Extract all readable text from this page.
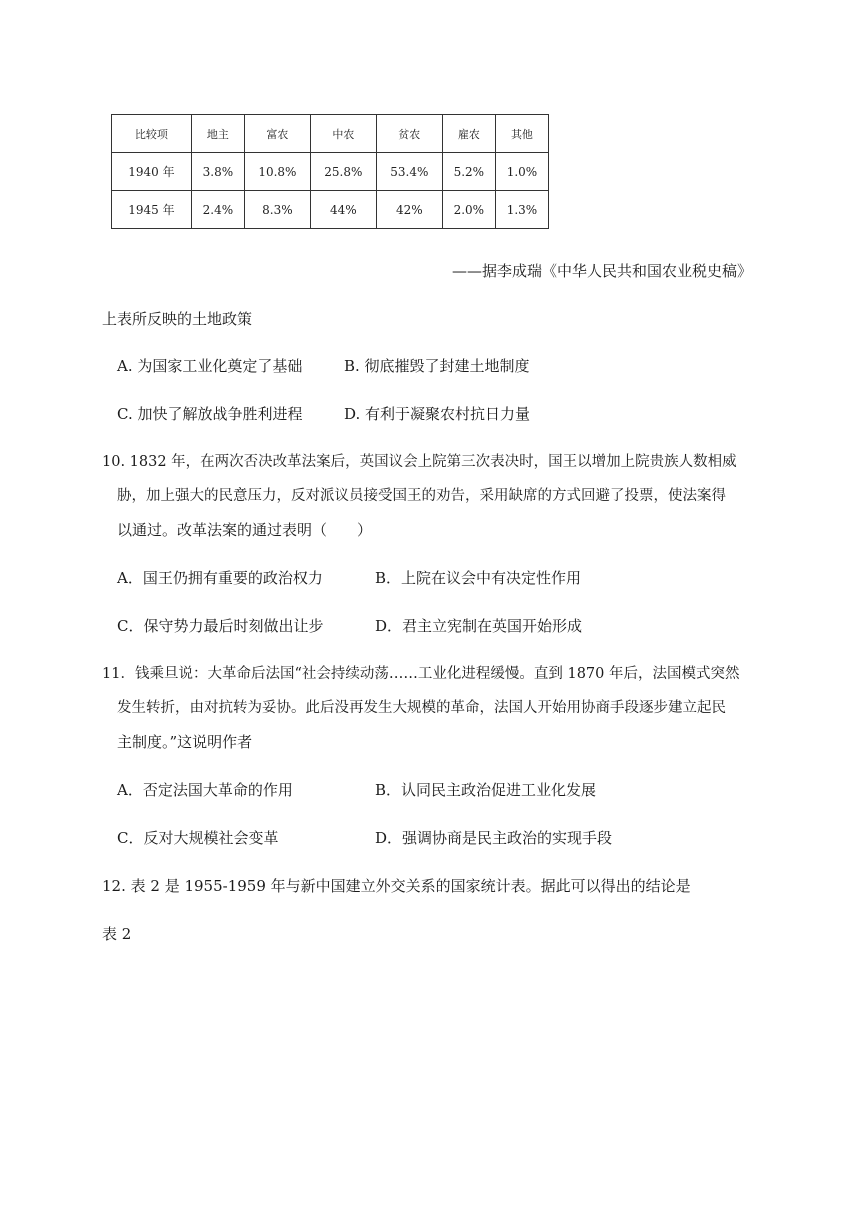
比较项	地主	富农	中农	贫农	雇农	其他
1940 年	3.8%	10.8%	25.8%	53.4%	5.2%	1.0%
1945 年	2.4%	8.3%	44%	42%	2.0%	1.3%
——据李成瑞《中华人民共和国农业税史稿》
上表所反映的土地政策
A. 为国家工业化奠定了基础	B. 彻底摧毁了封建土地制度
C. 加快了解放战争胜利进程	D. 有利于凝聚农村抗日力量
10. 1832 年，在两次否决改革法案后，英国议会上院第三次表决时，国王以增加上院贵族人数相威
胁，加上强大的民意压力，反对派议员接受国王的劝告，采用缺席的方式回避了投票，使法案得
以通过。改革法案的通过表明（　　）
A．国王仍拥有重要的政治权力	B．上院在议会中有决定性作用
C．保守势力最后时刻做出让步	D．君主立宪制在英国开始形成
11．钱乘旦说：大革命后法国“社会持续动荡……工业化进程缓慢。直到 1870 年后，法国模式突然
发生转折，由对抗转为妥协。此后没再发生大规模的革命，法国人开始用协商手段逐步建立起民
主制度。”这说明作者
A．否定法国大革命的作用	B．认同民主政治促进工业化发展
C．反对大规模社会变革	D．强调协商是民主政治的实现手段
12. 表 2 是 1955-1959 年与新中国建立外交关系的国家统计表。据此可以得出的结论是
表 2
